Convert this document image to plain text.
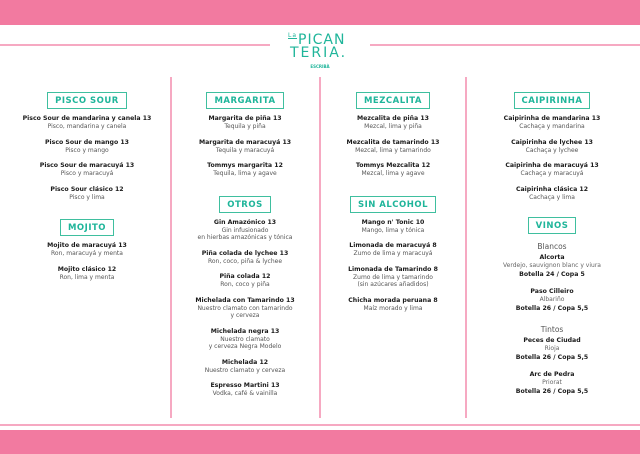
$^{La}$PICAN
TERIA.
ESCRIBÀ
PISCO SOUR
Pisco Sour de mandarina y canela 13
Pisco, mandarina y canela
Pisco Sour de mango 13
Pisco y mango
Pisco Sour de maracuyá 13
Pisco y maracuyá
Pisco Sour clásico 12
Pisco y lima
MOJITO
Mojito de maracuyá 13
Ron, maracuyá y menta
Mojito clásico 12
Ron, lima y menta
MARGARITA
Margarita de piña 13
Tequila y piña
Margarita de maracuyá 13
Tequila y maracuyá
Tommys margarita 12
Tequila, lima y agave
OTROS
Gin Amazónico 13
Gin infusionado
en hierbas amazónicas y tónica
Piña colada de lychee 13
Ron, coco, piña & lychee
Piña colada 12
Ron, coco y piña
Michelada con Tamarindo 13
Nuestro clamato con tamarindo
y cerveza
Michelada negra 13
Nuestro clamato
y cerveza Negra Modelo
Michelada 12
Nuestro clamato y cerveza
Espresso Martini 13
Vodka, café & vainilla
MEZCALITA
Mezcalita de piña 13
Mezcal, lima y piña
Mezcalita de tamarindo 13
Mezcal, lima y tamarindo
Tommys Mezcalita 12
Mezcal, lima y agave
SIN ALCOHOL
Mango n' Tonic 10
Mango, lima y tónica
Limonada de maracuyá 8
Zumo de lima y maracuyá
Limonada de Tamarindo 8
Zumo de lima y tamarindo
(sin azúcares añadidos)
Chicha morada peruana 8
Maíz morado y lima
CAIPIRINHA
Caipirinha de mandarina 13
Cachaça y mandarina
Caipirinha de lychee 13
Cachaça y lychee
Caipirinha de maracuyá 13
Cachaça y maracuyá
Caipirinha clásica 12
Cachaça y lima
VINOS
Blancos
Alcorta
Verdejo, sauvignon blanc y viura
Botella 24 / Copa 5
Paso Cilleiro
Albariño
Botella 26 / Copa 5,5
Tintos
Peces de Ciudad
Rioja
Botella 26 / Copa 5,5
Arc de Pedra
Priorat
Botella 26 / Copa 5,5
